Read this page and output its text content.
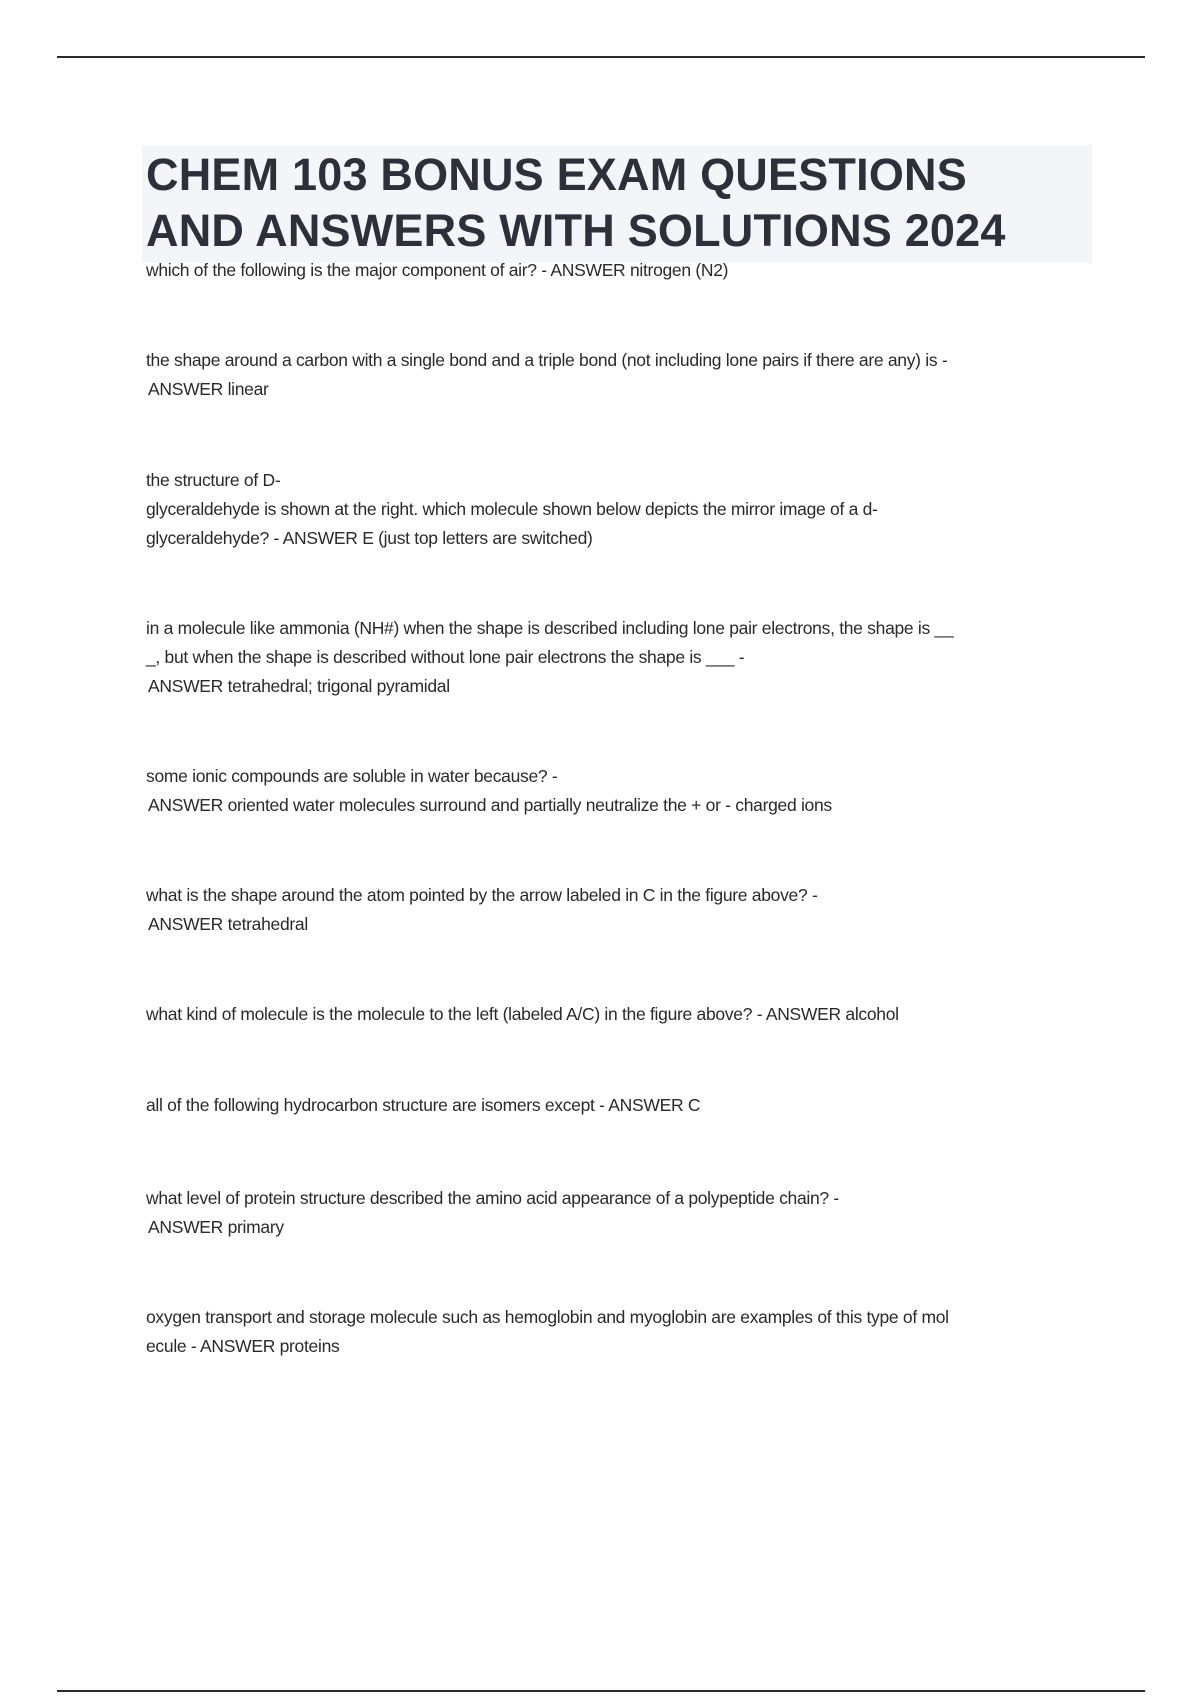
CHEM 103 BONUS EXAM QUESTIONS
AND ANSWERS WITH SOLUTIONS 2024

which of the following is the major component of air? - ANSWER nitrogen (N2)

the shape around a carbon with a single bond and a triple bond (not including lone pairs if there are any) is -

ANSWER linear

the structure of D-

glyceraldehyde is shown at the right. which molecule shown below depicts the mirror image of a d-

glyceraldehyde? - ANSWER E (just top letters are switched)

in a molecule like ammonia (NH#) when the shape is described including lone pair electrons, the shape is __

_, but when the shape is described without lone pair electrons the shape is ___ -

ANSWER tetrahedral; trigonal pyramidal

some ionic compounds are soluble in water because? -

ANSWER oriented water molecules surround and partially neutralize the + or - charged ions

what is the shape around the atom pointed by the arrow labeled in C in the figure above? -

ANSWER tetrahedral

what kind of molecule is the molecule to the left (labeled A/C) in the figure above? - ANSWER alcohol

all of the following hydrocarbon structure are isomers except - ANSWER C

what level of protein structure described the amino acid appearance of a polypeptide chain? -

ANSWER primary

oxygen transport and storage molecule such as hemoglobin and myoglobin are examples of this type of mol

ecule - ANSWER proteins
